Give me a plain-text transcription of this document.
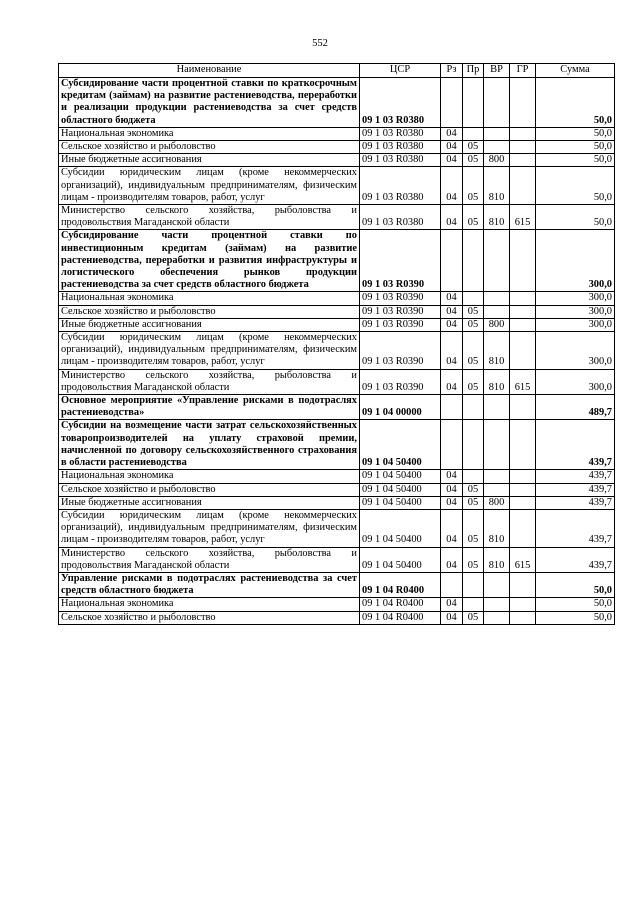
552
Наименование	ЦСР	Рз	Пр	ВР	ГР	Сумма
Субсидирование части процентной ставки по краткосрочным кредитам (займам) на развитие растениеводства, переработки и реализации продукции растениеводства за счет средств областного бюджета	09 1 03 R0380					50,0
Национальная экономика	09 1 03 R0380	04				50,0
Сельское хозяйство и рыболовство	09 1 03 R0380	04	05			50,0
Иные бюджетные ассигнования	09 1 03 R0380	04	05	800		50,0
Субсидии юридическим лицам (кроме некоммерческих организаций), индивидуальным предпринимателям, физическим лицам - производителям товаров, работ, услуг	09 1 03 R0380	04	05	810		50,0
Министерство сельского хозяйства, рыболовства и продовольствия Магаданской области	09 1 03 R0380	04	05	810	615	50,0
Субсидирование части процентной ставки по инвестиционным кредитам (займам) на развитие растениеводства, переработки и развития инфраструктуры и логистического обеспечения рынков продукции растениеводства за счет средств областного бюджета	09 1 03 R0390					300,0
Национальная экономика	09 1 03 R0390	04				300,0
Сельское хозяйство и рыболовство	09 1 03 R0390	04	05			300,0
Иные бюджетные ассигнования	09 1 03 R0390	04	05	800		300,0
Субсидии юридическим лицам (кроме некоммерческих организаций), индивидуальным предпринимателям, физическим лицам - производителям товаров, работ, услуг	09 1 03 R0390	04	05	810		300,0
Министерство сельского хозяйства, рыболовства и продовольствия Магаданской области	09 1 03 R0390	04	05	810	615	300,0
Основное мероприятие «Управление рисками в подотраслях растениеводства»	09 1 04 00000					489,7
Субсидии на возмещение части затрат сельскохозяйственных товаропроизводителей на уплату страховой премии, начисленной по договору сельскохозяйственного страхования в области растениеводства	09 1 04 50400					439,7
Национальная экономика	09 1 04 50400	04				439,7
Сельское хозяйство и рыболовство	09 1 04 50400	04	05			439,7
Иные бюджетные ассигнования	09 1 04 50400	04	05	800		439,7
Субсидии юридическим лицам (кроме некоммерческих организаций), индивидуальным предпринимателям, физическим лицам - производителям товаров, работ, услуг	09 1 04 50400	04	05	810		439,7
Министерство сельского хозяйства, рыболовства и продовольствия Магаданской области	09 1 04 50400	04	05	810	615	439,7
Управление рисками в подотраслях растениеводства за счет средств областного бюджета	09 1 04 R0400					50,0
Национальная экономика	09 1 04 R0400	04				50,0
Сельское хозяйство и рыболовство	09 1 04 R0400	04	05			50,0
